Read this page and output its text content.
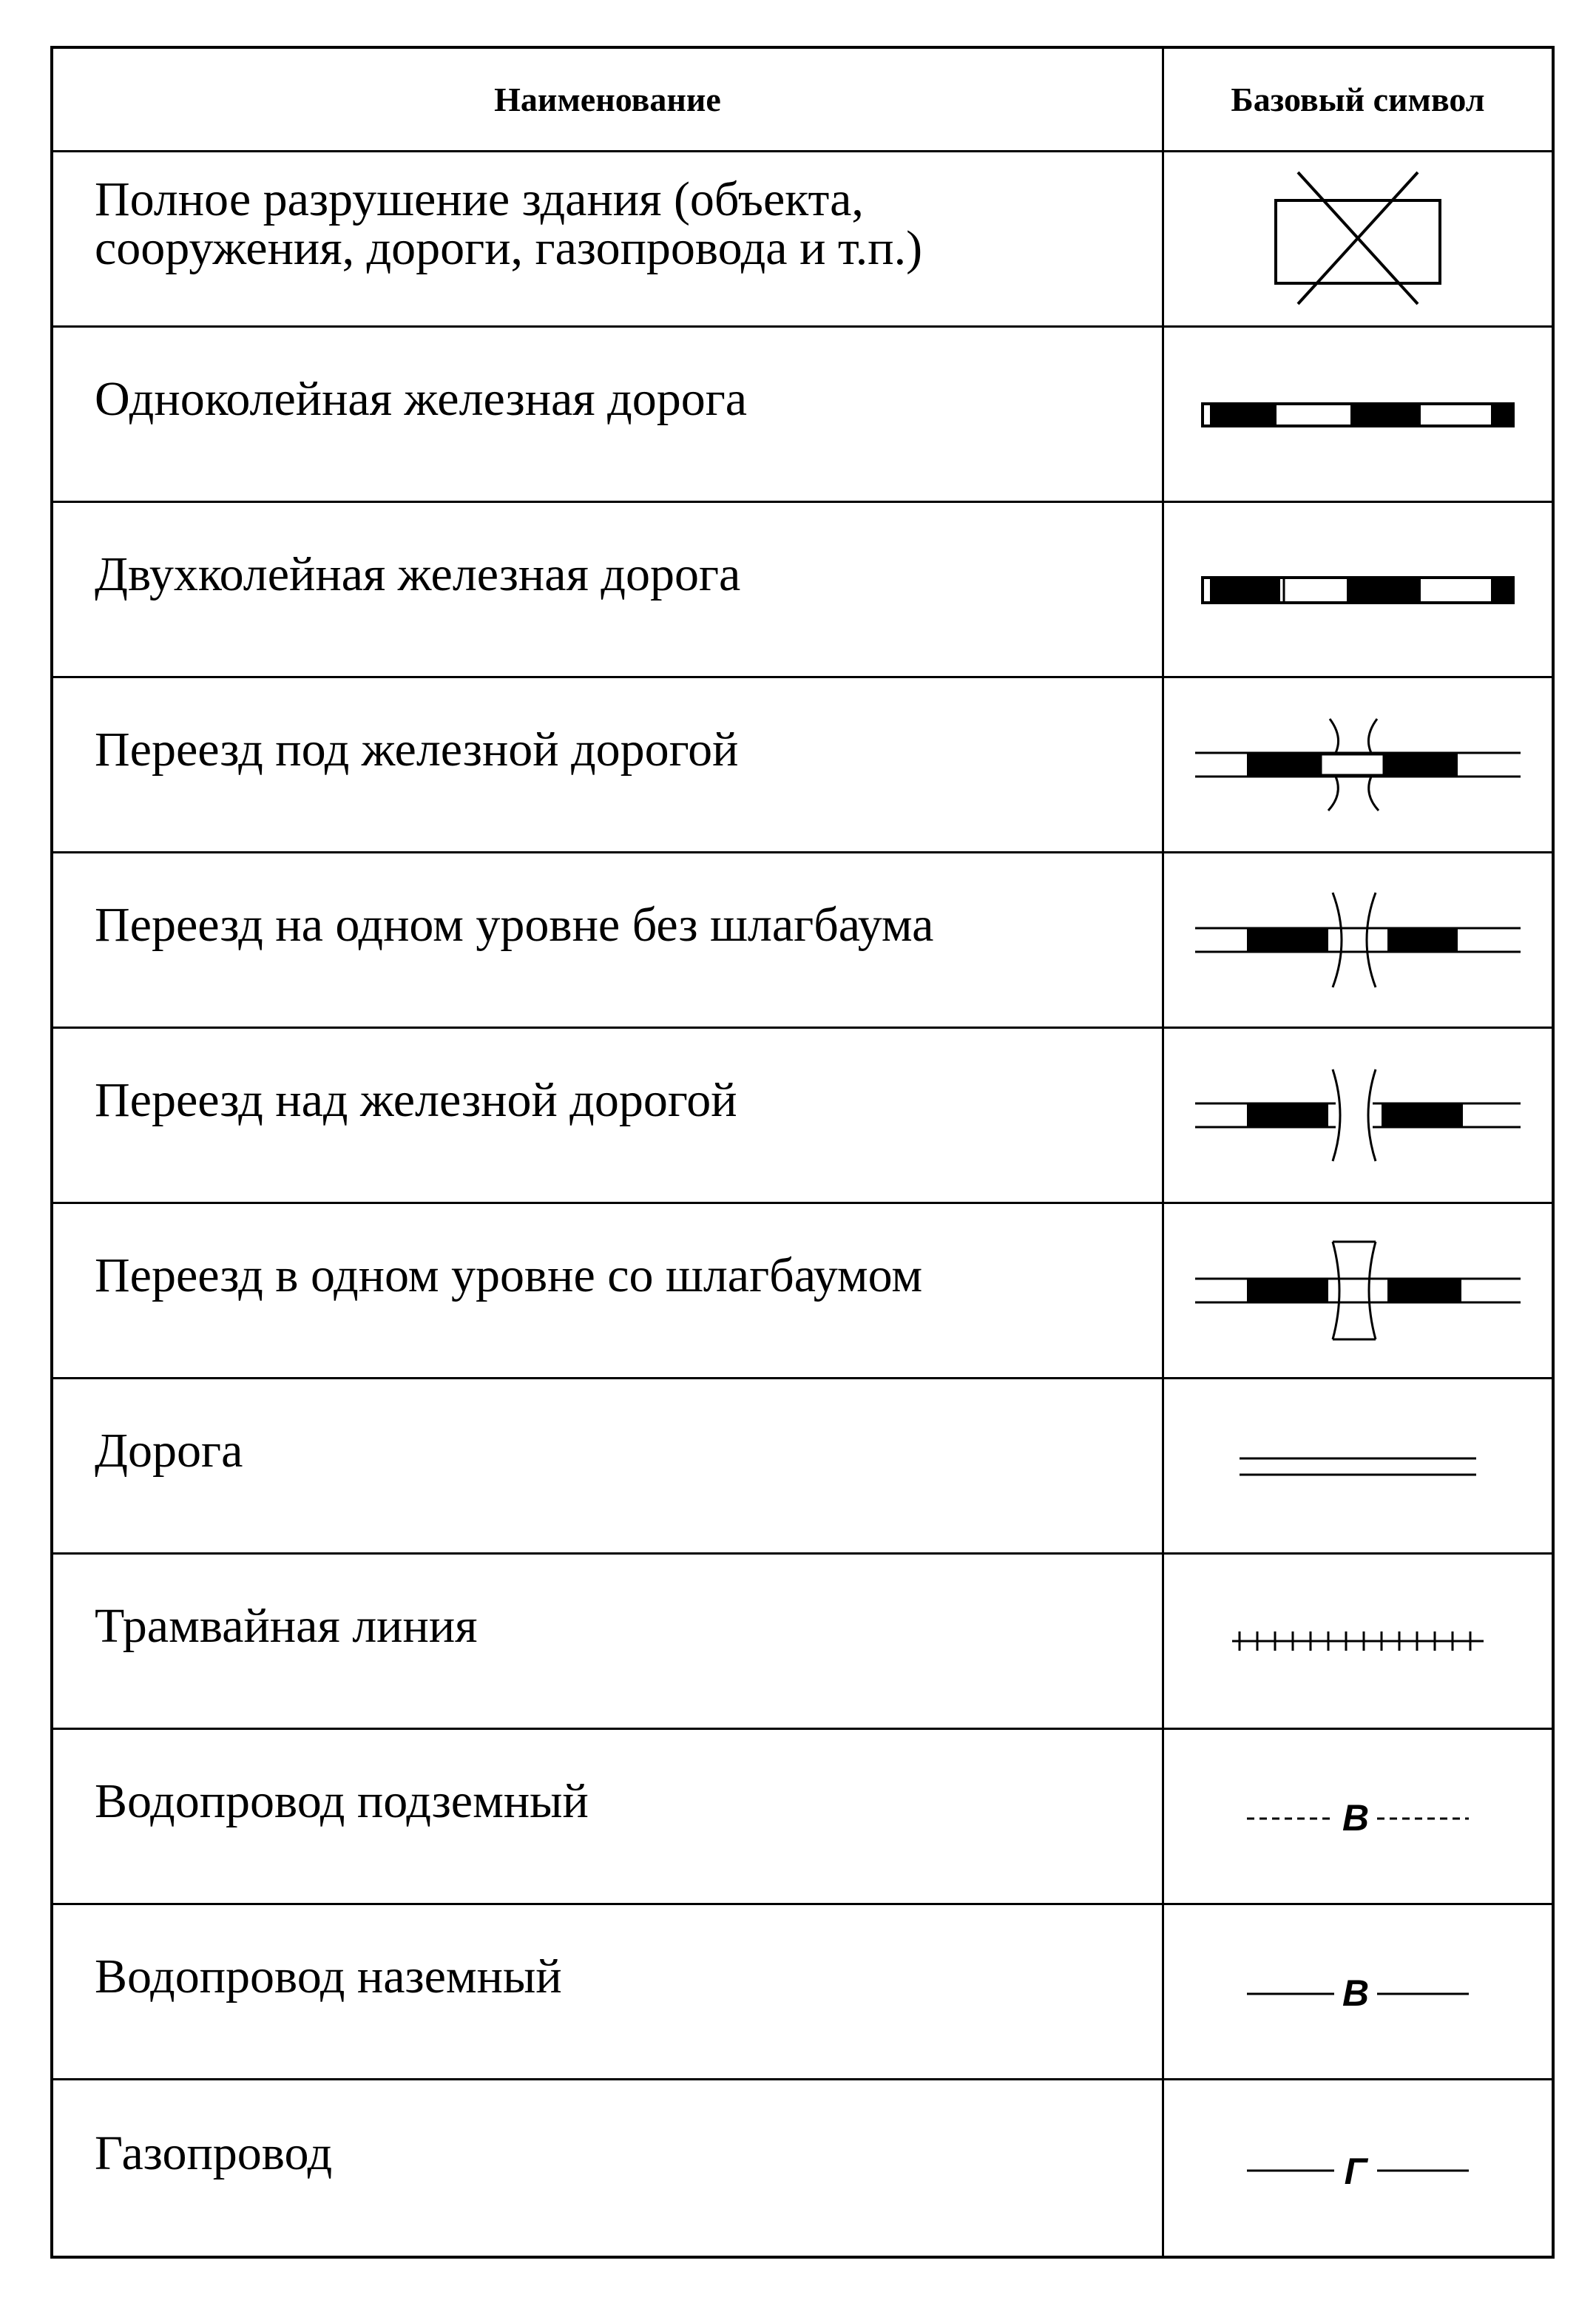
Наименование	Базовый символ
Полное разрушение здания (объекта,
сооружения, дороги, газопровода и т.п.)
Одноколейная железная дорога
Двухколейная железная дорога
Переезд под железной дорогой
Переезд на одном уровне без шлагбаума
Переезд над железной дорогой
Переезд в одном уровне со шлагбаумом
Дорога
Трамвайная линия
Водопровод подземный	В
Водопровод наземный	В
Газопровод	Г
